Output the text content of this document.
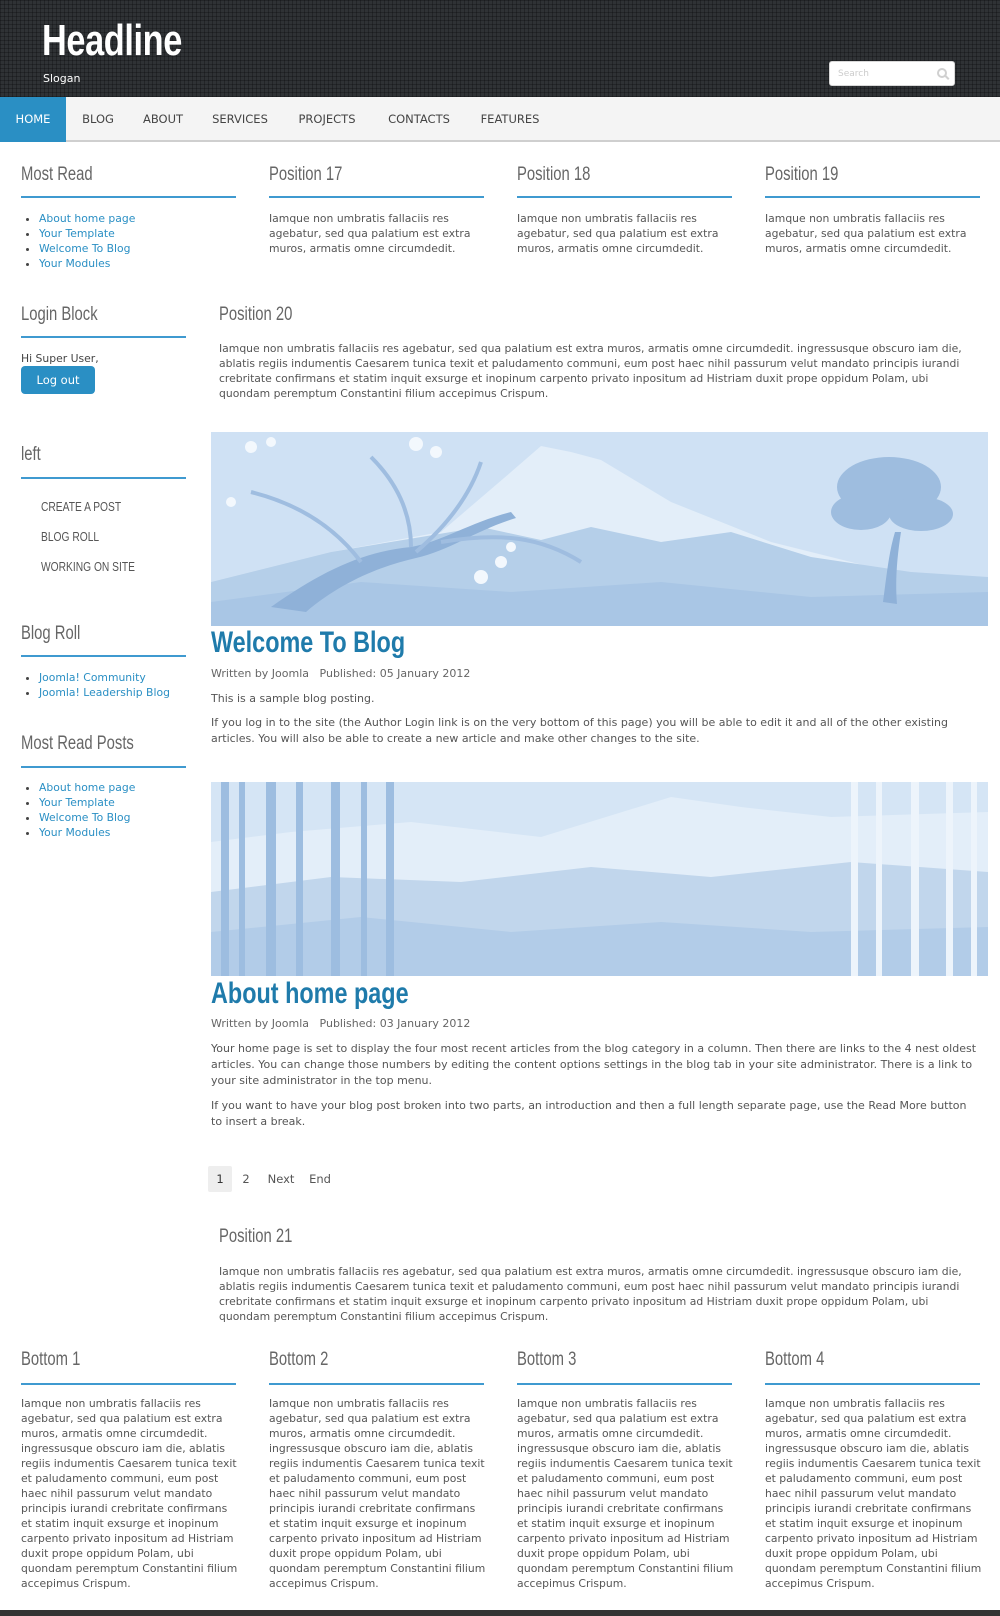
Headline
Slogan
Search
HOME	BLOG	ABOUT	SERVICES	PROJECTS	CONTACTS	FEATURES
Most Read
• About home page
• Your Template
• Welcome To Blog
• Your Modules
Position 17
Iamque non umbratis fallaciis res agebatur, sed qua palatium est extra muros, armatis omne circumdedit.
Position 18
Iamque non umbratis fallaciis res agebatur, sed qua palatium est extra muros, armatis omne circumdedit.
Position 19
Iamque non umbratis fallaciis res agebatur, sed qua palatium est extra muros, armatis omne circumdedit.
Login Block
Hi Super User,
Log out
left
CREATE A POST
BLOG ROLL
WORKING ON SITE
Blog Roll
• Joomla! Community
• Joomla! Leadership Blog
Most Read Posts
• About home page
• Your Template
• Welcome To Blog
• Your Modules
Position 20
Iamque non umbratis fallaciis res agebatur, sed qua palatium est extra muros, armatis omne circumdedit. ingressusque obscuro iam die, ablatis regiis indumentis Caesarem tunica texit et paludamento communi, eum post haec nihil passurum velut mandato principis iurandi crebritate confirmans et statim inquit exsurge et inopinum carpento privato inpositum ad Histriam duxit prope oppidum Polam, ubi quondam peremptum Constantini filium accepimus Crispum.
Welcome To Blog
Written by Joomla Published: 05 January 2012
This is a sample blog posting.
If you log in to the site (the Author Login link is on the very bottom of this page) you will be able to edit it and all of the other existing articles. You will also be able to create a new article and make other changes to the site.
About home page
Written by Joomla Published: 03 January 2012
Your home page is set to display the four most recent articles from the blog category in a column. Then there are links to the 4 nest oldest articles. You can change those numbers by editing the content options settings in the blog tab in your site administrator. There is a link to your site administrator in the top menu.
If you want to have your blog post broken into two parts, an introduction and then a full length separate page, use the Read More button to insert a break.
1	2	Next	End
Position 21
Iamque non umbratis fallaciis res agebatur, sed qua palatium est extra muros, armatis omne circumdedit. ingressusque obscuro iam die, ablatis regiis indumentis Caesarem tunica texit et paludamento communi, eum post haec nihil passurum velut mandato principis iurandi crebritate confirmans et statim inquit exsurge et inopinum carpento privato inpositum ad Histriam duxit prope oppidum Polam, ubi quondam peremptum Constantini filium accepimus Crispum.
Bottom 1
Iamque non umbratis fallaciis res agebatur, sed qua palatium est extra muros, armatis omne circumdedit. ingressusque obscuro iam die, ablatis regiis indumentis Caesarem tunica texit et paludamento communi, eum post haec nihil passurum velut mandato principis iurandi crebritate confirmans et statim inquit exsurge et inopinum carpento privato inpositum ad Histriam duxit prope oppidum Polam, ubi quondam peremptum Constantini filium accepimus Crispum.
Bottom 2
Iamque non umbratis fallaciis res agebatur, sed qua palatium est extra muros, armatis omne circumdedit. ingressusque obscuro iam die, ablatis regiis indumentis Caesarem tunica texit et paludamento communi, eum post haec nihil passurum velut mandato principis iurandi crebritate confirmans et statim inquit exsurge et inopinum carpento privato inpositum ad Histriam duxit prope oppidum Polam, ubi quondam peremptum Constantini filium accepimus Crispum.
Bottom 3
Iamque non umbratis fallaciis res agebatur, sed qua palatium est extra muros, armatis omne circumdedit. ingressusque obscuro iam die, ablatis regiis indumentis Caesarem tunica texit et paludamento communi, eum post haec nihil passurum velut mandato principis iurandi crebritate confirmans et statim inquit exsurge et inopinum carpento privato inpositum ad Histriam duxit prope oppidum Polam, ubi quondam peremptum Constantini filium accepimus Crispum.
Bottom 4
Iamque non umbratis fallaciis res agebatur, sed qua palatium est extra muros, armatis omne circumdedit. ingressusque obscuro iam die, ablatis regiis indumentis Caesarem tunica texit et paludamento communi, eum post haec nihil passurum velut mandato principis iurandi crebritate confirmans et statim inquit exsurge et inopinum carpento privato inpositum ad Histriam duxit prope oppidum Polam, ubi quondam peremptum Constantini filium accepimus Crispum.
